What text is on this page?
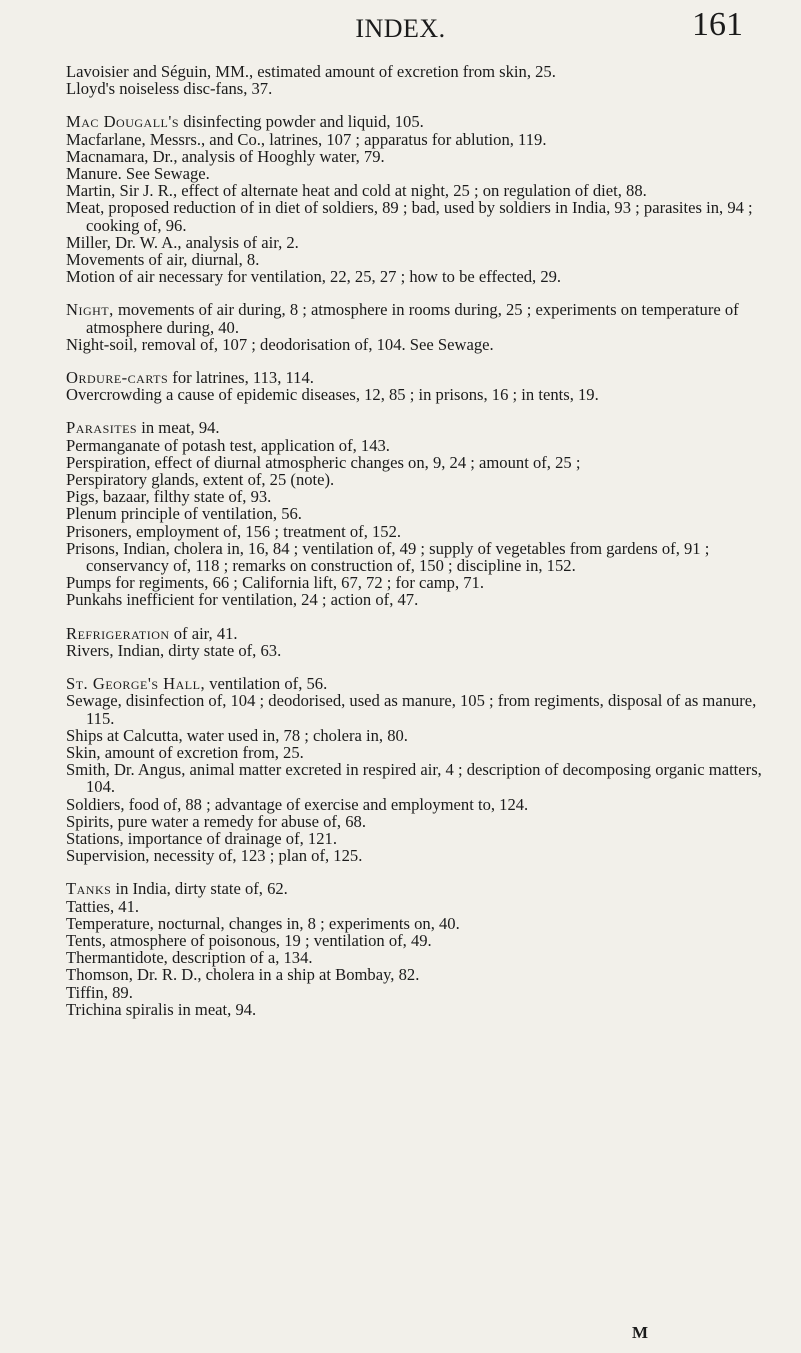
INDEX.	161

Lavoisier and Séguin, MM., estimated amount of excretion from skin, 25.

Lloyd's noiseless disc-fans, 37.

Mac Dougall's disinfecting powder and liquid, 105.

Macfarlane, Messrs., and Co., latrines, 107 ; apparatus for ablution, 119.

Macnamara, Dr., analysis of Hooghly water, 79.

Manure. See Sewage.

Martin, Sir J. R., effect of alternate heat and cold at night, 25 ; on regulation of diet, 88.

Meat, proposed reduction of in diet of soldiers, 89 ; bad, used by soldiers in India, 93 ; parasites in, 94 ; cooking of, 96.

Miller, Dr. W. A., analysis of air, 2.

Movements of air, diurnal, 8.

Motion of air necessary for ventilation, 22, 25, 27 ; how to be effected, 29.

Night, movements of air during, 8 ; atmosphere in rooms during, 25 ; experiments on temperature of atmosphere during, 40.

Night-soil, removal of, 107 ; deodorisation of, 104. See Sewage.

Ordure-carts for latrines, 113, 114.

Overcrowding a cause of epidemic diseases, 12, 85 ; in prisons, 16 ; in tents, 19.

Parasites in meat, 94.

Permanganate of potash test, application of, 143.

Perspiration, effect of diurnal atmospheric changes on, 9, 24 ; amount of, 25 ;

Perspiratory glands, extent of, 25 (note).

Pigs, bazaar, filthy state of, 93.

Plenum principle of ventilation, 56.

Prisoners, employment of, 156 ; treatment of, 152.

Prisons, Indian, cholera in, 16, 84 ; ventilation of, 49 ; supply of vegetables from gardens of, 91 ; conservancy of, 118 ; remarks on construction of, 150 ; discipline in, 152.

Pumps for regiments, 66 ; California lift, 67, 72 ; for camp, 71.

Punkahs inefficient for ventilation, 24 ; action of, 47.

Refrigeration of air, 41.

Rivers, Indian, dirty state of, 63.

St. George's Hall, ventilation of, 56.

Sewage, disinfection of, 104 ; deodorised, used as manure, 105 ; from regiments, disposal of as manure, 115.

Ships at Calcutta, water used in, 78 ; cholera in, 80.

Skin, amount of excretion from, 25.

Smith, Dr. Angus, animal matter excreted in respired air, 4 ; description of decomposing organic matters, 104.

Soldiers, food of, 88 ; advantage of exercise and employment to, 124.

Spirits, pure water a remedy for abuse of, 68.

Stations, importance of drainage of, 121.

Supervision, necessity of, 123 ; plan of, 125.

Tanks in India, dirty state of, 62.

Tatties, 41.

Temperature, nocturnal, changes in, 8 ; experiments on, 40.

Tents, atmosphere of poisonous, 19 ; ventilation of, 49.

Thermantidote, description of a, 134.

Thomson, Dr. R. D., cholera in a ship at Bombay, 82.

Tiffin, 89.

Trichina spiralis in meat, 94.

M
